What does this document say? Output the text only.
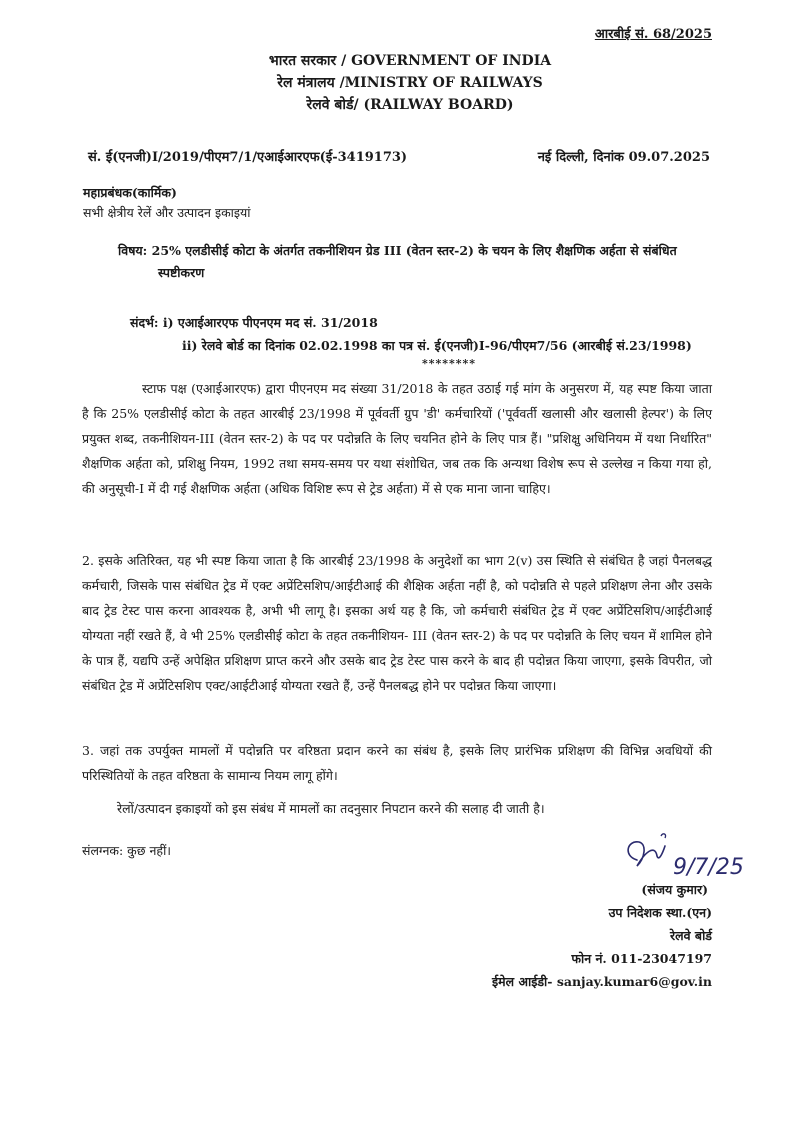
आरबीई सं. 68/2025
भारत सरकार / GOVERNMENT OF INDIA
रेल मंत्रालय /MINISTRY OF RAILWAYS
रेलवे बोर्ड/ (RAILWAY BOARD)
सं. ई(एनजी)I/2019/पीएम7/1/एआईआरएफ(ई-3419173)	नई दिल्ली, दिनांक 09.07.2025
महाप्रबंधक(कार्मिक)
सभी क्षेत्रीय रेलें और उत्पादन इकाइयां
विषय: 25% एलडीसीई कोटा के अंतर्गत तकनीशियन ग्रेड III (वेतन स्तर-2) के चयन के लिए शैक्षणिक अर्हता से संबंधित
स्पष्टीकरण
संदर्भ: i) एआईआरएफ पीएनएम मद सं. 31/2018
ii) रेलवे बोर्ड का दिनांक 02.02.1998 का पत्र सं. ई(एनजी)I-96/पीएम7/56 (आरबीई सं.23/1998)
********
स्टाफ पक्ष (एआईआरएफ) द्वारा पीएनएम मद संख्या 31/2018 के तहत उठाई गई मांग के अनुसरण में, यह स्पष्ट किया जाता है कि 25% एलडीसीई कोटा के तहत आरबीई 23/1998 में पूर्ववर्ती ग्रुप 'डी' कर्मचारियों ('पूर्ववर्ती खलासी और खलासी हेल्पर') के लिए प्रयुक्त शब्द, तकनीशियन-III (वेतन स्तर-2) के पद पर पदोन्नति के लिए चयनित होने के लिए पात्र हैं। "प्रशिक्षु अधिनियम में यथा निर्धारित" शैक्षणिक अर्हता को, प्रशिक्षु नियम, 1992 तथा समय-समय पर यथा संशोधित, जब तक कि अन्यथा विशेष रूप से उल्लेख न किया गया हो, की अनुसूची-I में दी गई शैक्षणिक अर्हता (अधिक विशिष्ट रूप से ट्रेड अर्हता) में से एक माना जाना चाहिए।
2. इसके अतिरिक्त, यह भी स्पष्ट किया जाता है कि आरबीई 23/1998 के अनुदेशों का भाग 2(v) उस स्थिति से संबंधित है जहां पैनलबद्ध कर्मचारी, जिसके पास संबंधित ट्रेड में एक्ट अप्रेंटिसशिप/आईटीआई की शैक्षिक अर्हता नहीं है, को पदोन्नति से पहले प्रशिक्षण लेना और उसके बाद ट्रेड टेस्ट पास करना आवश्यक है, अभी भी लागू है। इसका अर्थ यह है कि, जो कर्मचारी संबंधित ट्रेड में एक्ट अप्रेंटिसशिप/आईटीआई योग्यता नहीं रखते हैं, वे भी 25% एलडीसीई कोटा के तहत तकनीशियन- III (वेतन स्तर-2) के पद पर पदोन्नति के लिए चयन में शामिल होने के पात्र हैं, यद्यपि उन्हें अपेक्षित प्रशिक्षण प्राप्त करने और उसके बाद ट्रेड टेस्ट पास करने के बाद ही पदोन्नत किया जाएगा, इसके विपरीत, जो संबंधित ट्रेड में अप्रेंटिसशिप एक्ट/आईटीआई योग्यता रखते हैं, उन्हें पैनलबद्ध होने पर पदोन्नत किया जाएगा।
3. जहां तक उपर्युक्त मामलों में पदोन्नति पर वरिष्ठता प्रदान करने का संबंध है, इसके लिए प्रारंभिक प्रशिक्षण की विभिन्न अवधियों की परिस्थितियों के तहत वरिष्ठता के सामान्य नियम लागू होंगे।
रेलों/उत्पादन इकाइयों को इस संबंध में मामलों का तदनुसार निपटान करने की सलाह दी जाती है।
संलग्नक: कुछ नहीं।
9/7/25
(संजय कुमार)
उप निदेशक स्था.(एन)
रेलवे बोर्ड
फोन नं. 011-23047197
ईमेल आईडी- sanjay.kumar6@gov.in
